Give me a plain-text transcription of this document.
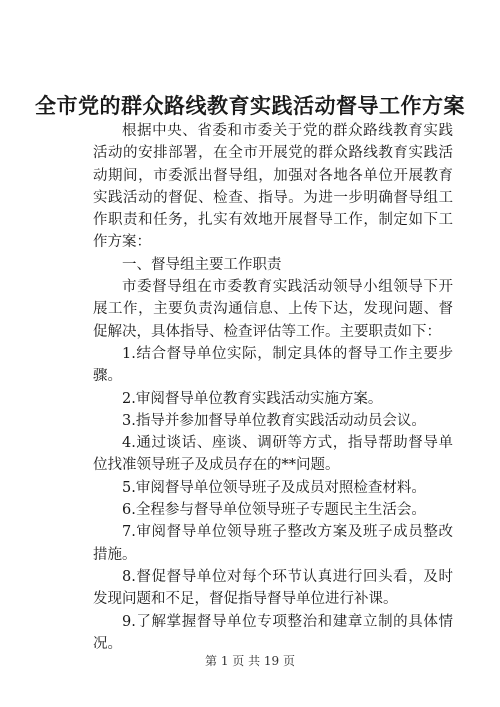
全市党的群众路线教育实践活动督导工作方案

根据中央、省委和市委关于党的群众路线教育实践活动的安排部署，在全市开展党的群众路线教育实践活动期间，市委派出督导组，加强对各地各单位开展教育实践活动的督促、检查、指导。为进一步明确督导组工作职责和任务，扎实有效地开展督导工作，制定如下工作方案：

一、督导组主要工作职责

市委督导组在市委教育实践活动领导小组领导下开展工作，主要负责沟通信息、上传下达，发现问题、督促解决，具体指导、检查评估等工作。主要职责如下：

1.结合督导单位实际，制定具体的督导工作主要步骤。

2.审阅督导单位教育实践活动实施方案。

3.指导并参加督导单位教育实践活动动员会议。

4.通过谈话、座谈、调研等方式，指导帮助督导单位找准领导班子及成员存在的**问题。

5.审阅督导单位领导班子及成员对照检查材料。

6.全程参与督导单位领导班子专题民主生活会。

7.审阅督导单位领导班子整改方案及班子成员整改措施。

8.督促督导单位对每个环节认真进行回头看，及时发现问题和不足，督促指导督导单位进行补课。

9.了解掌握督导单位专项整治和建章立制的具体情况。

第 1 页 共 19 页
